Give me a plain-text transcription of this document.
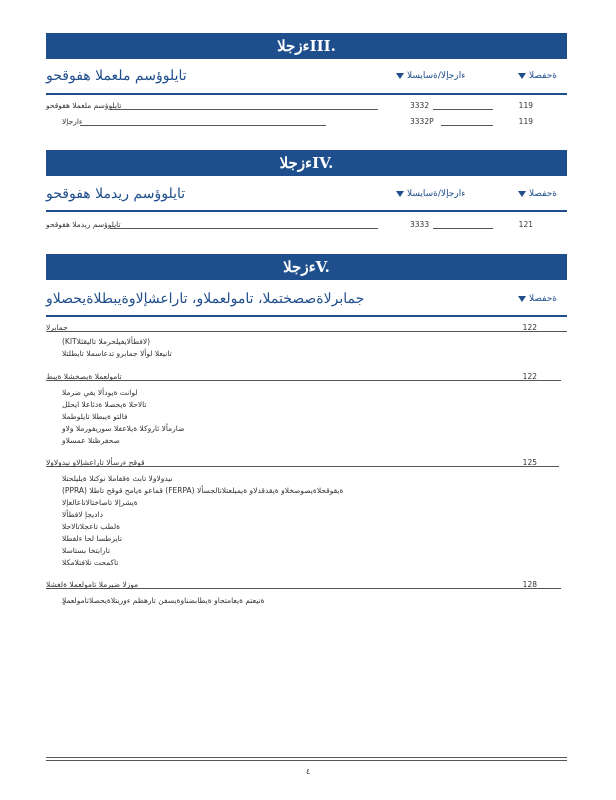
ءزجلاIII.
تايلوؤسم ملعملا هفوقحو	ءارجإلا/ةسايسلا	ةحفصلا
تايلوؤسم ملعملا هفوقحو	3332	119
ءارجإلا	3332P	119
ءزجلاIV.
تايلوؤسم ريدملا هفوقحو	ءارجإلا/ةسايسلا	ةحفصلا
تايلوؤسم ريدملا هفوقحو	3333	121
ءزجلاV.
جمابرلاةصصختملا، تامولعملاو، تاراعشإلاوةيبطلاةيحصلاو	ةحفصلا
جمابرلا	122
(KITلافطألايفيلحرملا تاليقثلا)
تانيعلا لوألا جمابرو تدعاسملا تايطلتلا
تامولعملا ةيصخشلا ةيبط	122
لوانت ةيودألا يفي ضرملا
تالاحلا ةيحصلا ةدئاعلا ايحلل
فالتو ةيبطلا تايلوطملا
ضارمألا ثاروكلا ةيلاعفلا سوريفورملا ولاو
صحفرظنلا عمسلاو
قوقح ءرسألا تاراعشإلاو نيدولاولا	125
نيدولاولا تابث ةقفاملا نوكتلا ةيليلحتلا
(PPRA) قماعو ةيامح قوقح تاطلا (FERPA) ةيقوقحلاةيصوصخلاو ةيقدقدلاو ةيميلعتلاتالجسألا
ةيشرإلا تاصاختالاتاعالعإلا
داديجإ لافطألا
ةلطب تاعجلاتالاحلا
تايرطسا لحا ءلفطلا
تارابتخا بستاسلا
تاكمحت تلافتلامكلا
موزلا ضيرملا تامولعملا ةلغشلا	128
ٍةنيعتم ةيعامتجاو ةيطابضناوةيسفن تارهظم ءوريتلاةيحصلاتامولعملا
٤
